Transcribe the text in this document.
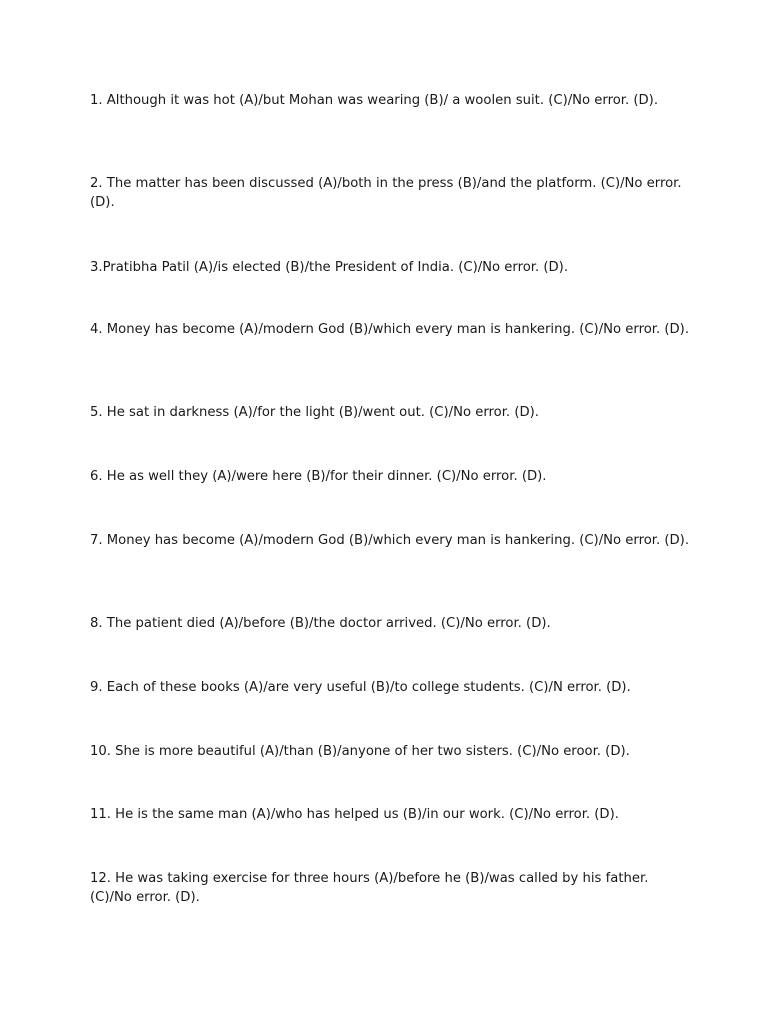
1. Although it was hot (A)/but Mohan was wearing (B)/ a woolen suit. (C)/No error. (D).

2. The matter has been discussed (A)/both in the press (B)/and the platform. (C)/No error. (D).

3.Pratibha Patil (A)/is elected (B)/the President of India. (C)/No error. (D).

4. Money has become (A)/modern God (B)/which every man is hankering. (C)/No error. (D).

5. He sat in darkness (A)/for the light (B)/went out. (C)/No error. (D).

6. He as well they (A)/were here (B)/for their dinner. (C)/No error. (D).

7. Money has become (A)/modern God (B)/which every man is hankering. (C)/No error. (D).

8. The patient died (A)/before (B)/the doctor arrived. (C)/No error. (D).

9. Each of these books (A)/are very useful (B)/to college students. (C)/N error. (D).

10. She is more beautiful (A)/than (B)/anyone of her two sisters. (C)/No eroor. (D).

11. He is the same man (A)/who has helped us (B)/in our work. (C)/No error. (D).

12. He was taking exercise for three hours (A)/before he (B)/was called by his father. (C)/No error. (D).
